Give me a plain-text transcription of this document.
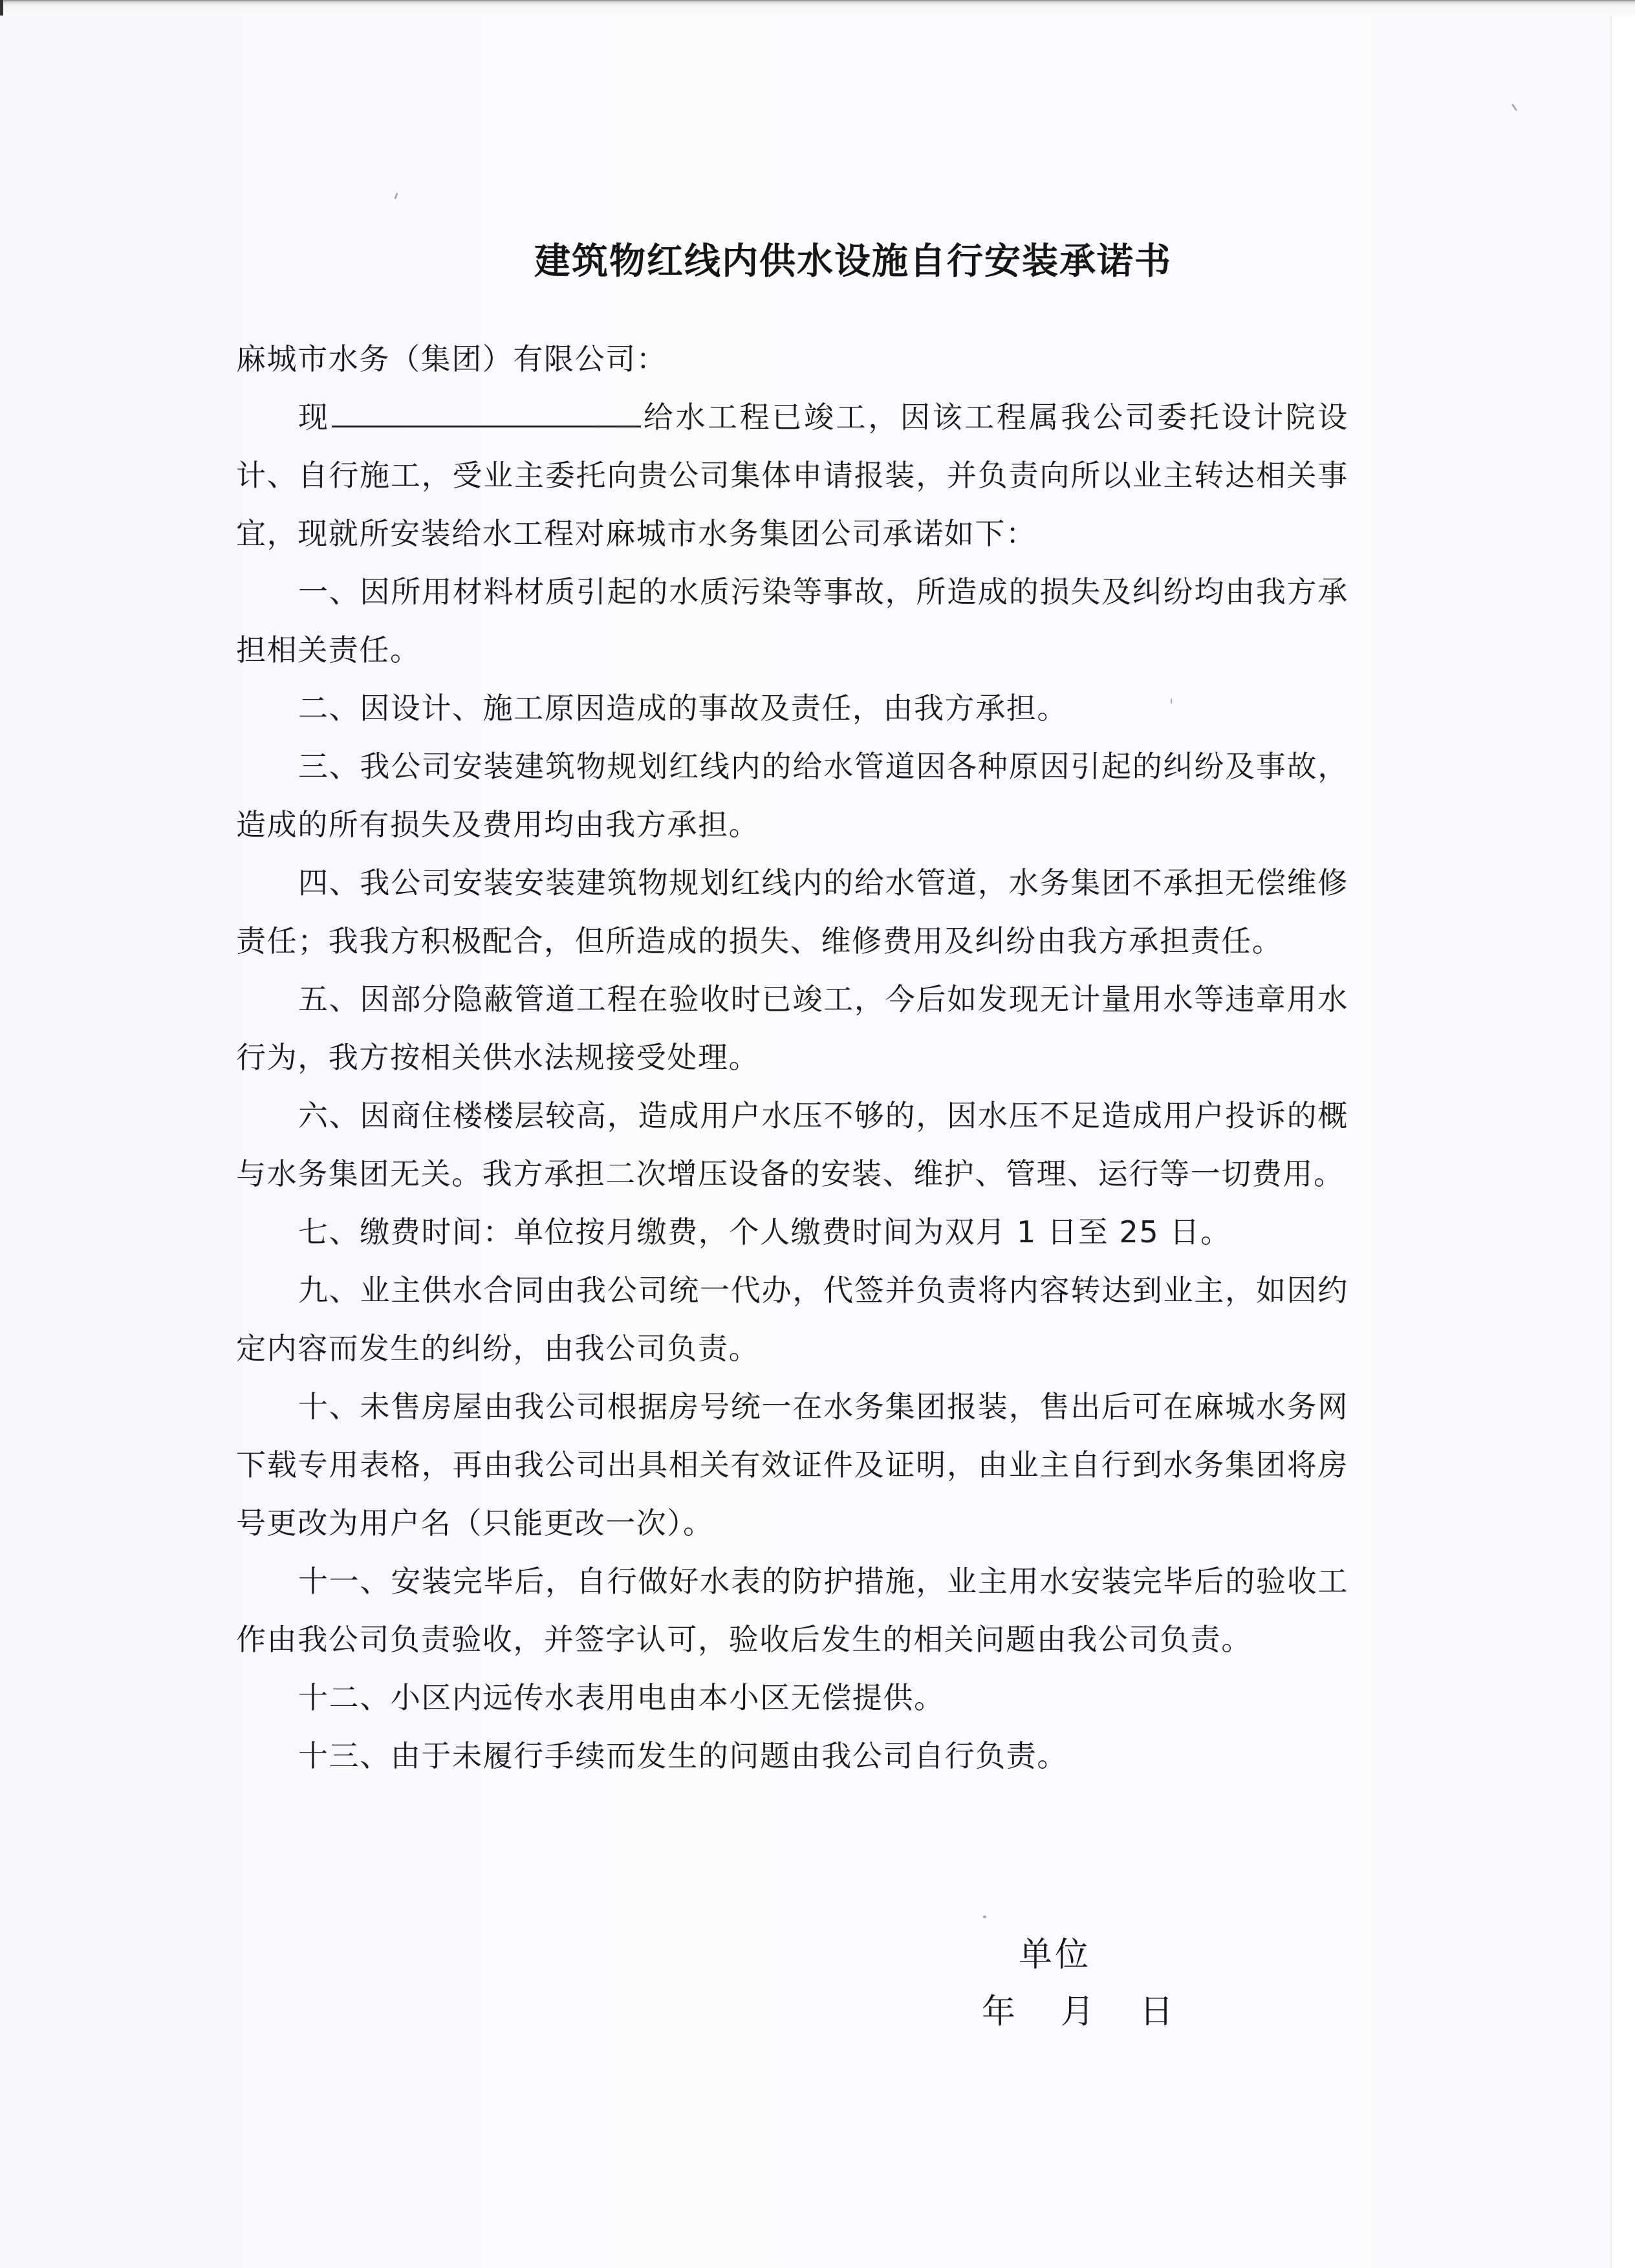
建筑物红线内供水设施自行安装承诺书

麻城市水务（集团）有限公司：

现	给水工程已竣工，因该工程属我公司委托设计院设计、自行施工，受业主委托向贵公司集体申请报装，并负责向所以业主转达相关事宜，现就所安装给水工程对麻城市水务集团公司承诺如下：

一、因所用材料材质引起的水质污染等事故，所造成的损失及纠纷均由我方承担相关责任。

二、因设计、施工原因造成的事故及责任，由我方承担。

三、我公司安装建筑物规划红线内的给水管道因各种原因引起的纠纷及事故，造成的所有损失及费用均由我方承担。

四、我公司安装安装建筑物规划红线内的给水管道，水务集团不承担无偿维修责任；我我方积极配合，但所造成的损失、维修费用及纠纷由我方承担责任。

五、因部分隐蔽管道工程在验收时已竣工，今后如发现无计量用水等违章用水行为，我方按相关供水法规接受处理。

六、因商住楼楼层较高，造成用户水压不够的，因水压不足造成用户投诉的概与水务集团无关。我方承担二次增压设备的安装、维护、管理、运行等一切费用。

七、缴费时间：单位按月缴费，个人缴费时间为双月 1 日至 25 日。

九、业主供水合同由我公司统一代办，代签并负责将内容转达到业主，如因约定内容而发生的纠纷，由我公司负责。

十、未售房屋由我公司根据房号统一在水务集团报装，售出后可在麻城水务网下载专用表格，再由我公司出具相关有效证件及证明，由业主自行到水务集团将房号更改为用户名（只能更改一次）。

十一、安装完毕后，自行做好水表的防护措施，业主用水安装完毕后的验收工作由我公司负责验收，并签字认可，验收后发生的相关问题由我公司负责。

十二、小区内远传水表用电由本小区无偿提供。

十三、由于未履行手续而发生的问题由我公司自行负责。

单位
年 月 日
